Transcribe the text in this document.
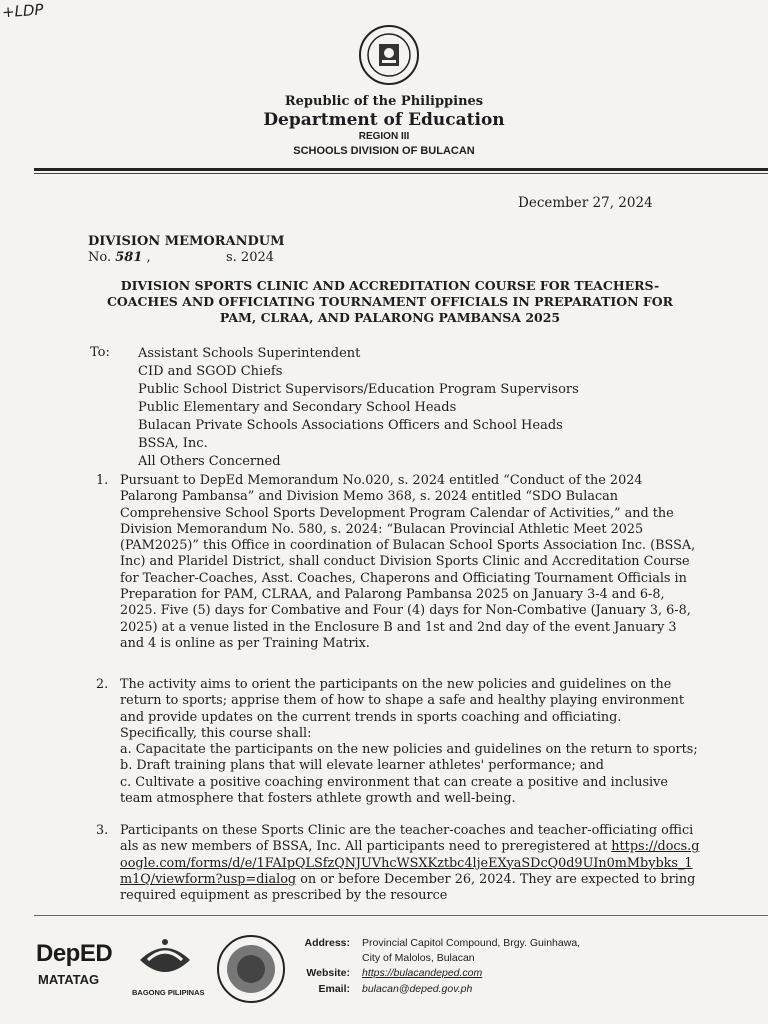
+LDP
Republic of the Philippines
Department of Education
REGION III
SCHOOLS DIVISION OF BULACAN
December 27, 2024
DIVISION MEMORANDUM
No. 581 ,	s. 2024
DIVISION SPORTS CLINIC AND ACCREDITATION COURSE FOR TEACHERS-COACHES AND OFFICIATING TOURNAMENT OFFICIALS IN PREPARATION FOR PAM, CLRAA, AND PALARONG PAMBANSA 2025
To: Assistant Schools Superintendent
CID and SGOD Chiefs
Public School District Supervisors/Education Program Supervisors
Public Elementary and Secondary School Heads
Bulacan Private Schools Associations Officers and School Heads
BSSA, Inc.
All Others Concerned
1. Pursuant to DepEd Memorandum No.020, s. 2024 entitled “Conduct of the 2024 Palarong Pambansa” and Division Memo 368, s. 2024 entitled “SDO Bulacan Comprehensive School Sports Development Program Calendar of Activities,” and the Division Memorandum No. 580, s. 2024: “Bulacan Provincial Athletic Meet 2025 (PAM2025)” this Office in coordination of Bulacan School Sports Association Inc. (BSSA, Inc) and Plaridel District, shall conduct Division Sports Clinic and Accreditation Course for Teacher-Coaches, Asst. Coaches, Chaperons and Officiating Tournament Officials in Preparation for PAM, CLRAA, and Palarong Pambansa 2025 on January 3-4 and 6-8, 2025. Five (5) days for Combative and Four (4) days for Non-Combative (January 3, 6-8, 2025) at a venue listed in the Enclosure B and 1st and 2nd day of the event January 3 and 4 is online as per Training Matrix.
2. The activity aims to orient the participants on the new policies and guidelines on the return to sports; apprise them of how to shape a safe and healthy playing environment and provide updates on the current trends in sports coaching and officiating. Specifically, this course shall:
a. Capacitate the participants on the new policies and guidelines on the return to sports;
b. Draft training plans that will elevate learner athletes' performance; and
c. Cultivate a positive coaching environment that can create a positive and inclusive team atmosphere that fosters athlete growth and well-being.
3. Participants on these Sports Clinic are the teacher-coaches and teacher-officiating officials as new members of BSSA, Inc. All participants need to preregistered at https://docs.google.com/forms/d/e/1FAIpQLSfzQNJUVhcWSXKztbc4ljeEXyaSDcQ0d9UIn0mMbybks_1m1Q/viewform?usp=dialog on or before December 26, 2024. They are expected to bring required equipment as prescribed by the resource
DepED
MATATAG
BAGONG PILIPINAS
Address: Provincial Capitol Compound, Brgy. Guinhawa,
City of Malolos, Bulacan
Website: https://bulacandeped.com
Email: bulacan@deped.gov.ph
